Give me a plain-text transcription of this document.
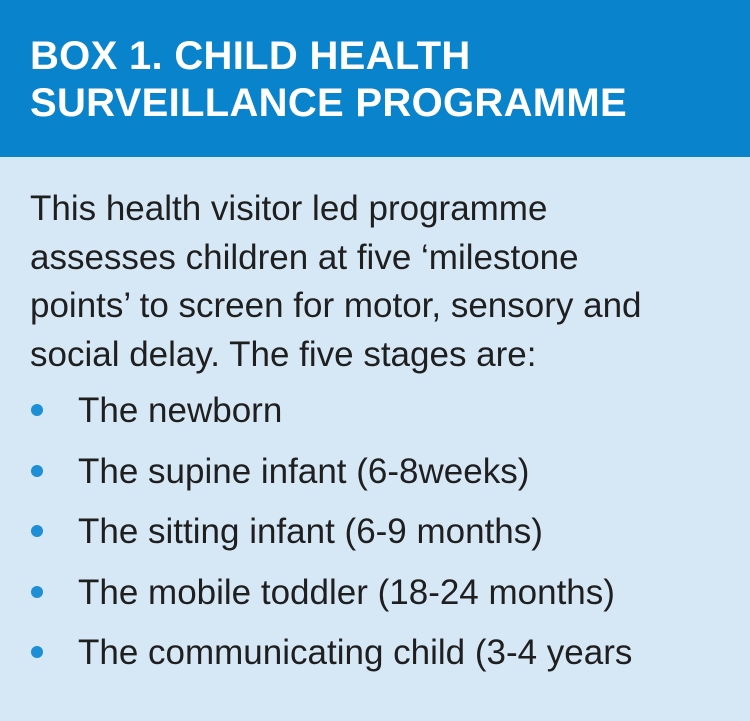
BOX 1. CHILD HEALTH
SURVEILLANCE PROGRAMME

This health visitor led programme
assesses children at five ‘milestone
points’ to screen for motor, sensory and
social delay. The five stages are:

The newborn
The supine infant (6-8weeks)
The sitting infant (6-9 months)
The mobile toddler (18-24 months)
The communicating child (3-4 years
